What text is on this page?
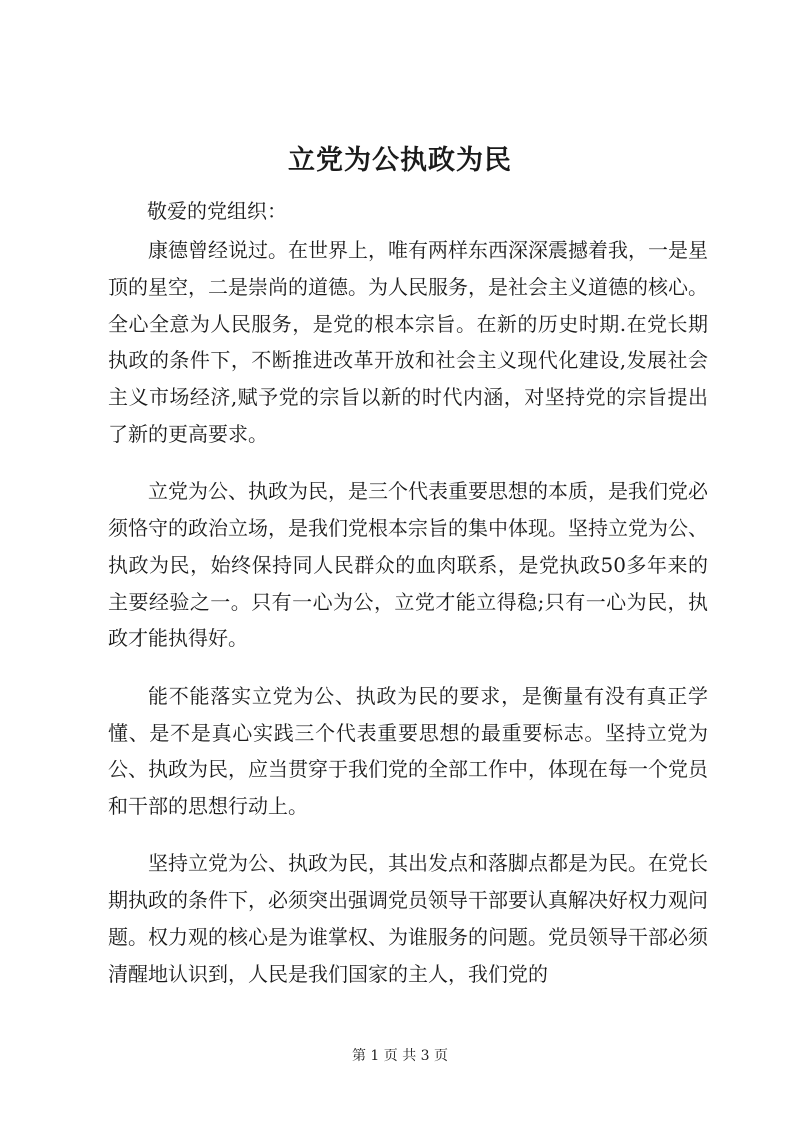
立党为公执政为民

敬爱的党组织：

康德曾经说过。在世界上，唯有两样东西深深震撼着我，一是星顶的星空，二是崇尚的道德。为人民服务，是社会主义道德的核心。全心全意为人民服务，是党的根本宗旨。在新的历史时期.在党长期执政的条件下，不断推进改革开放和社会主义现代化建设,发展社会主义市场经济,赋予党的宗旨以新的时代内涵，对坚持党的宗旨提出了新的更高要求。

立党为公、执政为民，是三个代表重要思想的本质，是我们党必须恪守的政治立场，是我们党根本宗旨的集中体现。坚持立党为公、执政为民，始终保持同人民群众的血肉联系，是党执政50多年来的主要经验之一。只有一心为公，立党才能立得稳;只有一心为民，执政才能执得好。

能不能落实立党为公、执政为民的要求，是衡量有没有真正学懂、是不是真心实践三个代表重要思想的最重要标志。坚持立党为公、执政为民，应当贯穿于我们党的全部工作中，体现在每一个党员和干部的思想行动上。

坚持立党为公、执政为民，其出发点和落脚点都是为民。在党长期执政的条件下，必须突出强调党员领导干部要认真解决好权力观问题。权力观的核心是为谁掌权、为谁服务的问题。党员领导干部必须清醒地认识到，人民是我们国家的主人，我们党的

第 1 页 共 3 页
